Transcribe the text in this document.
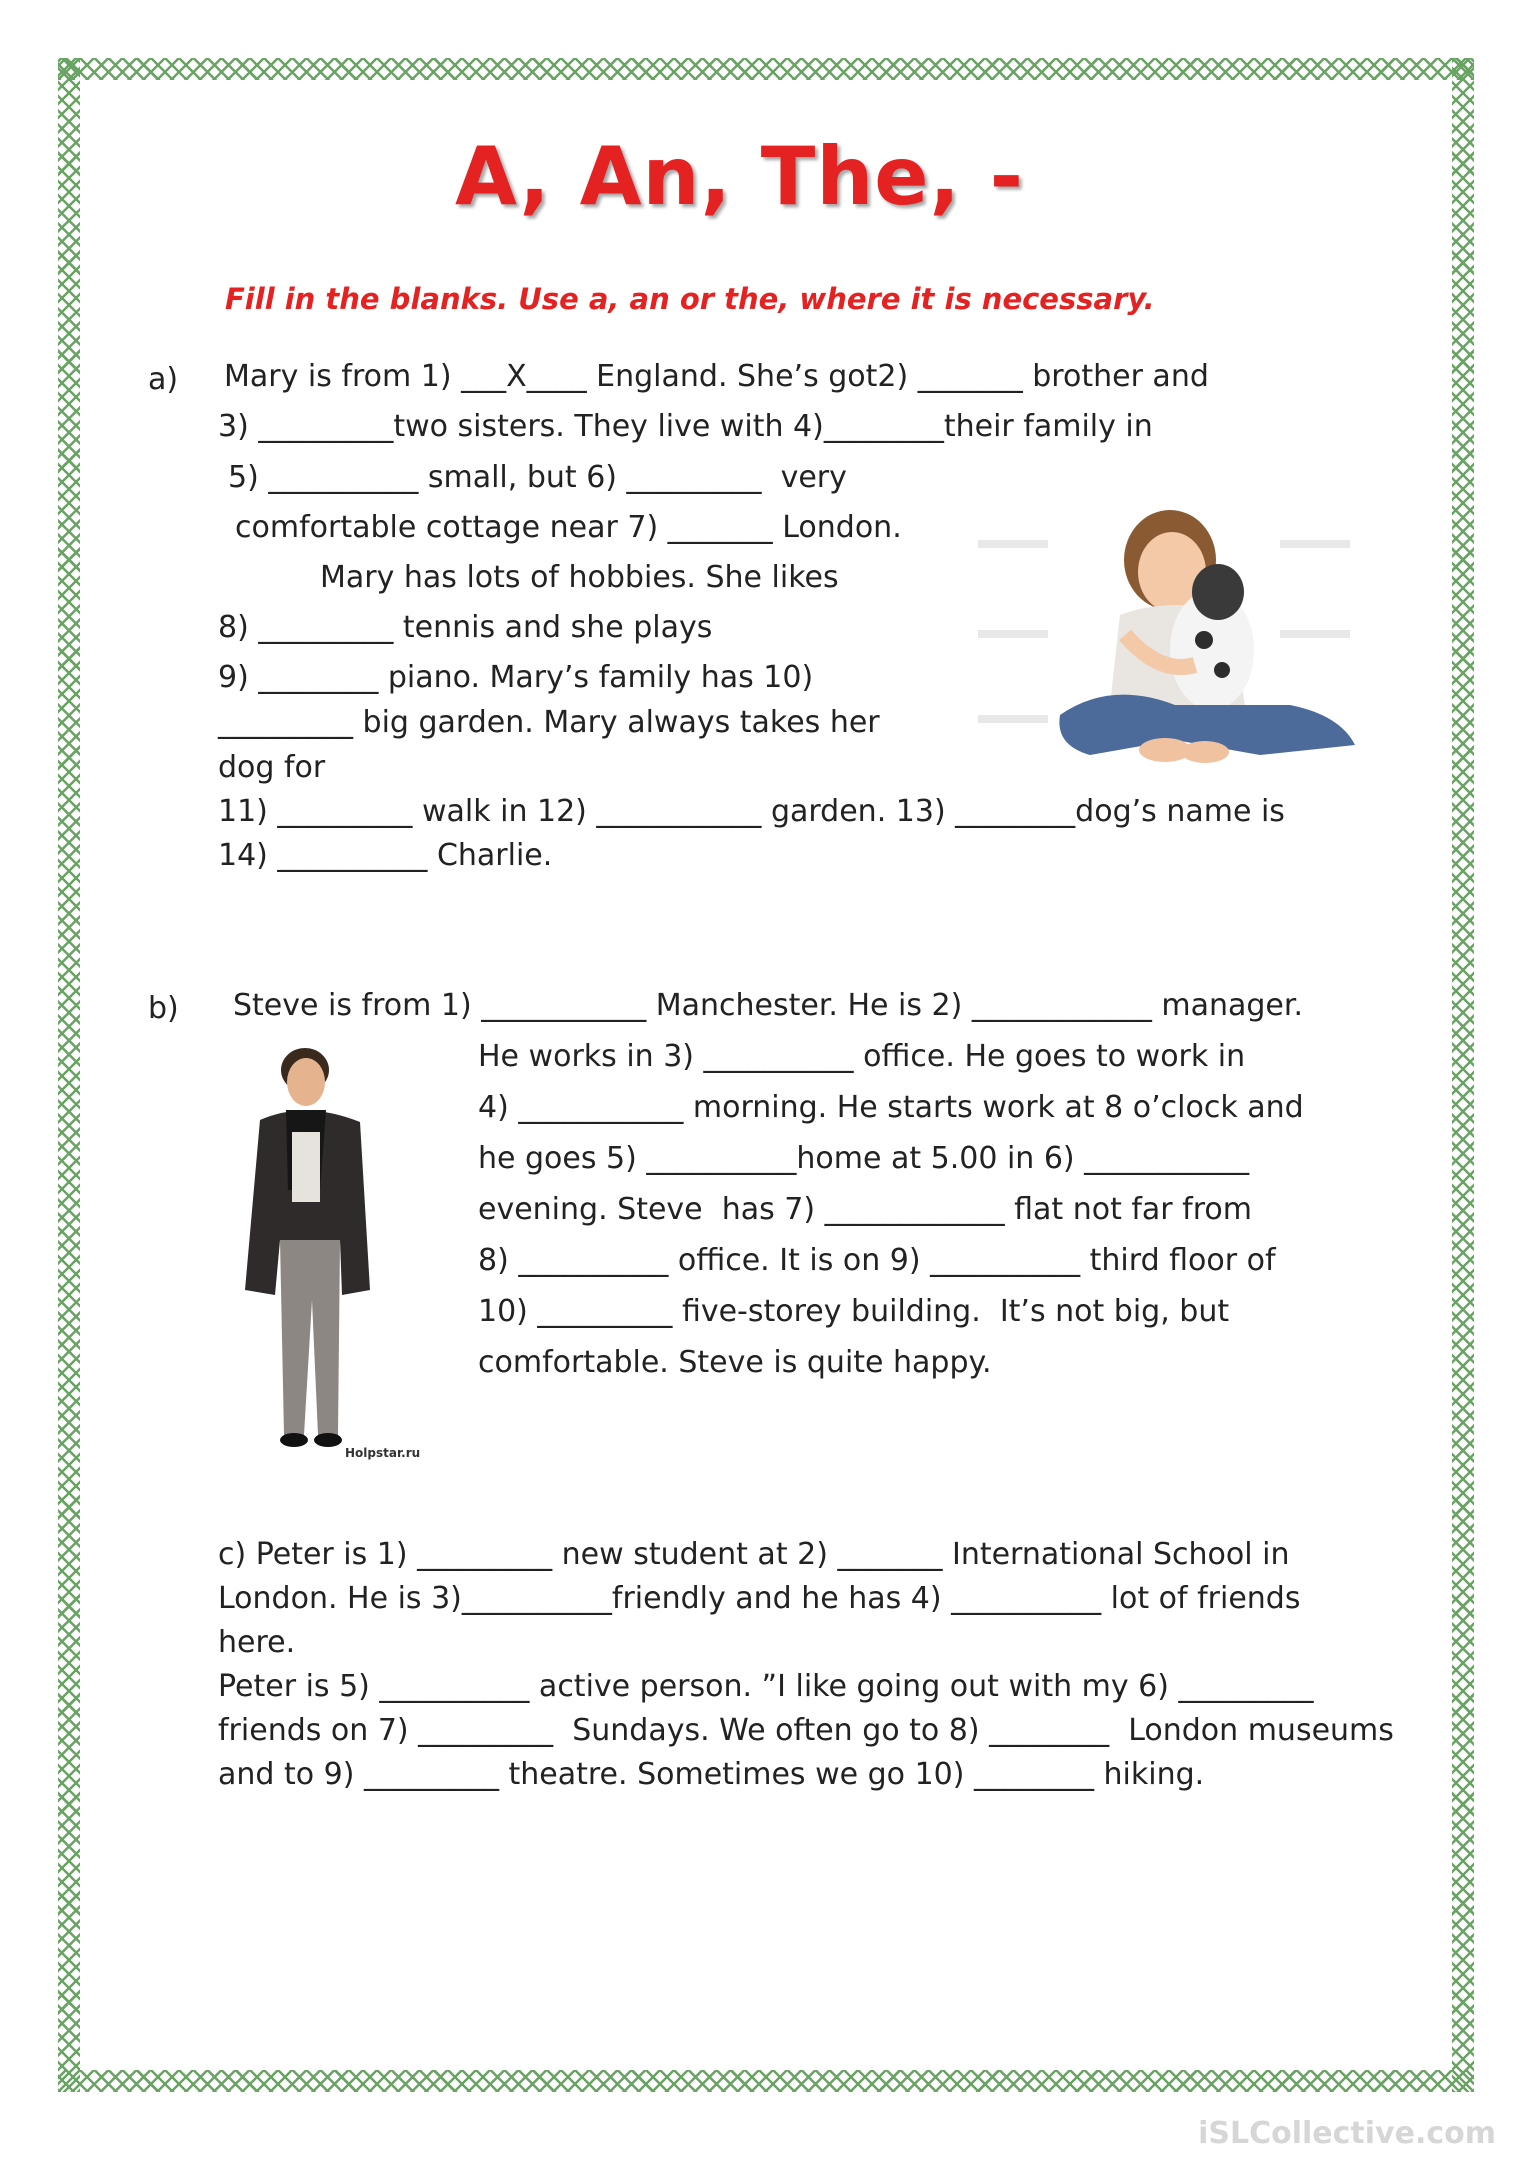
A, An, The, -
Fill in the blanks. Use a, an or the, where it is necessary.
a) Mary is from 1) ___X____ England. She’s got2) _______ brother and
3) _________two sisters. They live with 4)________their family in
5) __________ small, but 6) _________  very
comfortable cottage near 7) _______ London.
Mary has lots of hobbies. She likes
8) _________ tennis and she plays
9) ________ piano. Mary’s family has 10)
_________ big garden. Mary always takes her
dog for
11) _________ walk in 12) ___________ garden. 13) ________dog’s name is
14) __________ Charlie.
b) Steve is from 1) ___________ Manchester. He is 2) ____________ manager.
He works in 3) __________ office. He goes to work in
4) ___________ morning. He starts work at 8 o’clock and
he goes 5) __________home at 5.00 in 6) ___________
evening. Steve  has 7) ____________ flat not far from
8) __________ office. It is on 9) __________ third floor of
10) _________ five-storey building.  It’s not big, but
comfortable. Steve is quite happy.
Holpstar.ru
c) Peter is 1) _________ new student at 2) _______ International School in
London. He is 3)__________friendly and he has 4) __________ lot of friends
here.
Peter is 5) __________ active person. ”I like going out with my 6) _________
friends on 7) _________  Sundays. We often go to 8) ________  London museums
and to 9) _________ theatre. Sometimes we go 10) ________ hiking.
iSLCollective.com
